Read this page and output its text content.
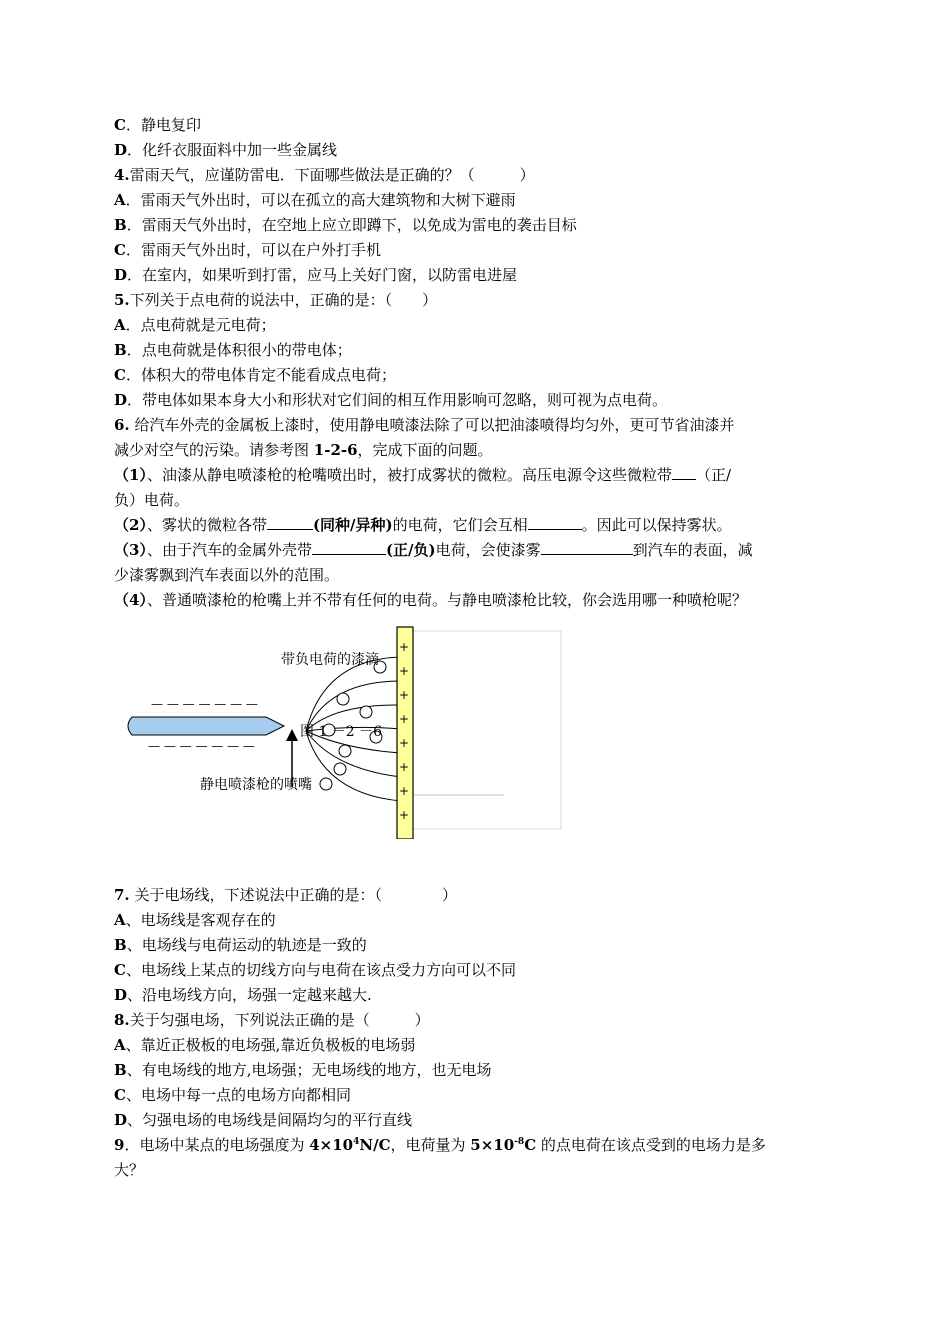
C．静电复印
D．化纤衣服面料中加一些金属线
4.雷雨天气，应谨防雷电．下面哪些做法是正确的？（　　　）
A．雷雨天气外出时，可以在孤立的高大建筑物和大树下避雨
B．雷雨天气外出时，在空地上应立即蹲下，以免成为雷电的袭击目标
C．雷雨天气外出时，可以在户外打手机
D．在室内，如果听到打雷，应马上关好门窗，以防雷电进屋
5.下列关于点电荷的说法中，正确的是：（　　）
A．点电荷就是元电荷；
B．点电荷就是体积很小的带电体；
C．体积大的带电体肯定不能看成点电荷；
D．带电体如果本身大小和形状对它们间的相互作用影响可忽略，则可视为点电荷。
6. 给汽车外壳的金属板上漆时，使用静电喷漆法除了可以把油漆喷得均匀外，更可节省油漆并
减少对空气的污染。请参考图 1-2-6，完成下面的问题。
（1）、油漆从静电喷漆枪的枪嘴喷出时，被打成雾状的微粒。高压电源令这些微粒带 （正/
负）电荷。
（2）、雾状的微粒各带	(同种/异种)的电荷，它们会互相	。因此可以保持雾状。
（3）、由于汽车的金属外壳带	(正/负)电荷，会使漆雾	到汽车的表面，减
少漆雾飘到汽车表面以外的范围。
（4）、普通喷漆枪的枪嘴上并不带有任何的电荷。与静电喷漆枪比较，你会选用哪一种喷枪呢？
+
+
+
+
+
+
+
+
— — — — — — —
— — — — — — —
带负电荷的漆滴
图 1 －2 －6
静电喷漆枪的喷嘴
7. 关于电场线，下述说法中正确的是：（　　　　）
A、电场线是客观存在的
B、电场线与电荷运动的轨迹是一致的
C、电场线上某点的切线方向与电荷在该点受力方向可以不同
D、沿电场线方向，场强一定越来越大.
8.关于匀强电场，下列说法正确的是（　　　）
A、靠近正极板的电场强,靠近负极板的电场弱
B、有电场线的地方,电场强；无电场线的地方，也无电场
C、电场中每一点的电场方向都相同
D、匀强电场的电场线是间隔均匀的平行直线
9．电场中某点的电场强度为 $4\times 10^4N/C$，电荷量为 $5\times 10^{-8}C$ 的点电荷在该点受到的电场力是多
大？
